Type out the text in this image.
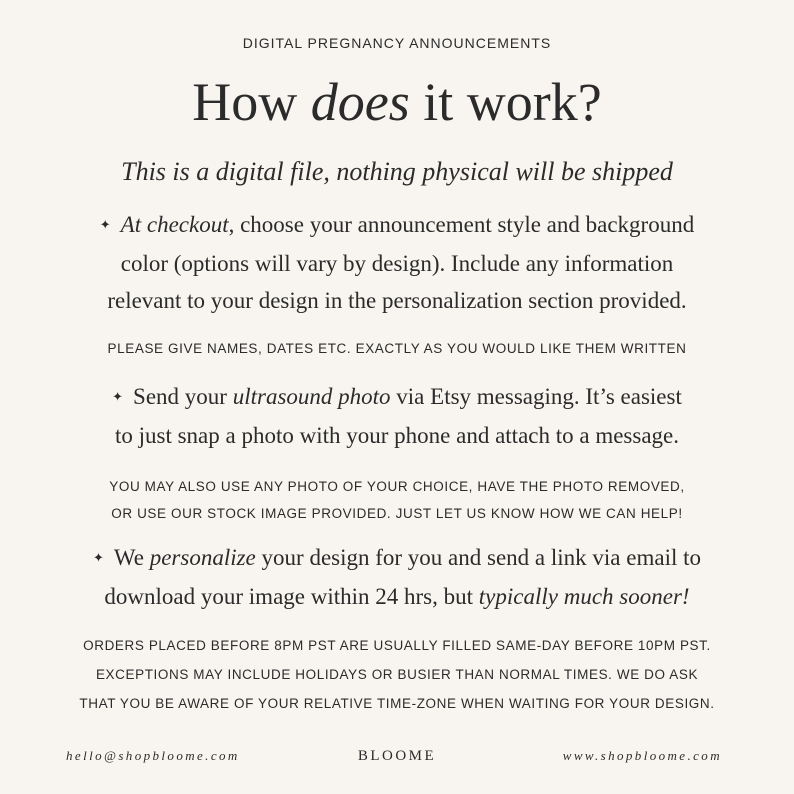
DIGITAL PREGNANCY ANNOUNCEMENTS
How does it work?
This is a digital file, nothing physical will be shipped
✦ At checkout, choose your announcement style and background
color (options will vary by design). Include any information
relevant to your design in the personalization section provided.
PLEASE GIVE NAMES, DATES ETC. EXACTLY AS YOU WOULD LIKE THEM WRITTEN
✦ Send your ultrasound photo via Etsy messaging. It’s easiest
to just snap a photo with your phone and attach to a message.
YOU MAY ALSO USE ANY PHOTO OF YOUR CHOICE, HAVE THE PHOTO REMOVED,
OR USE OUR STOCK IMAGE PROVIDED. JUST LET US KNOW HOW WE CAN HELP!
✦ We personalize your design for you and send a link via email to
download your image within 24 hrs, but typically much sooner!
ORDERS PLACED BEFORE 8PM PST ARE USUALLY FILLED SAME-DAY BEFORE 10PM PST.
EXCEPTIONS MAY INCLUDE HOLIDAYS OR BUSIER THAN NORMAL TIMES. WE DO ASK
THAT YOU BE AWARE OF YOUR RELATIVE TIME-ZONE WHEN WAITING FOR YOUR DESIGN.
hello@shopbloome.com	BLOOME	www.shopbloome.com
